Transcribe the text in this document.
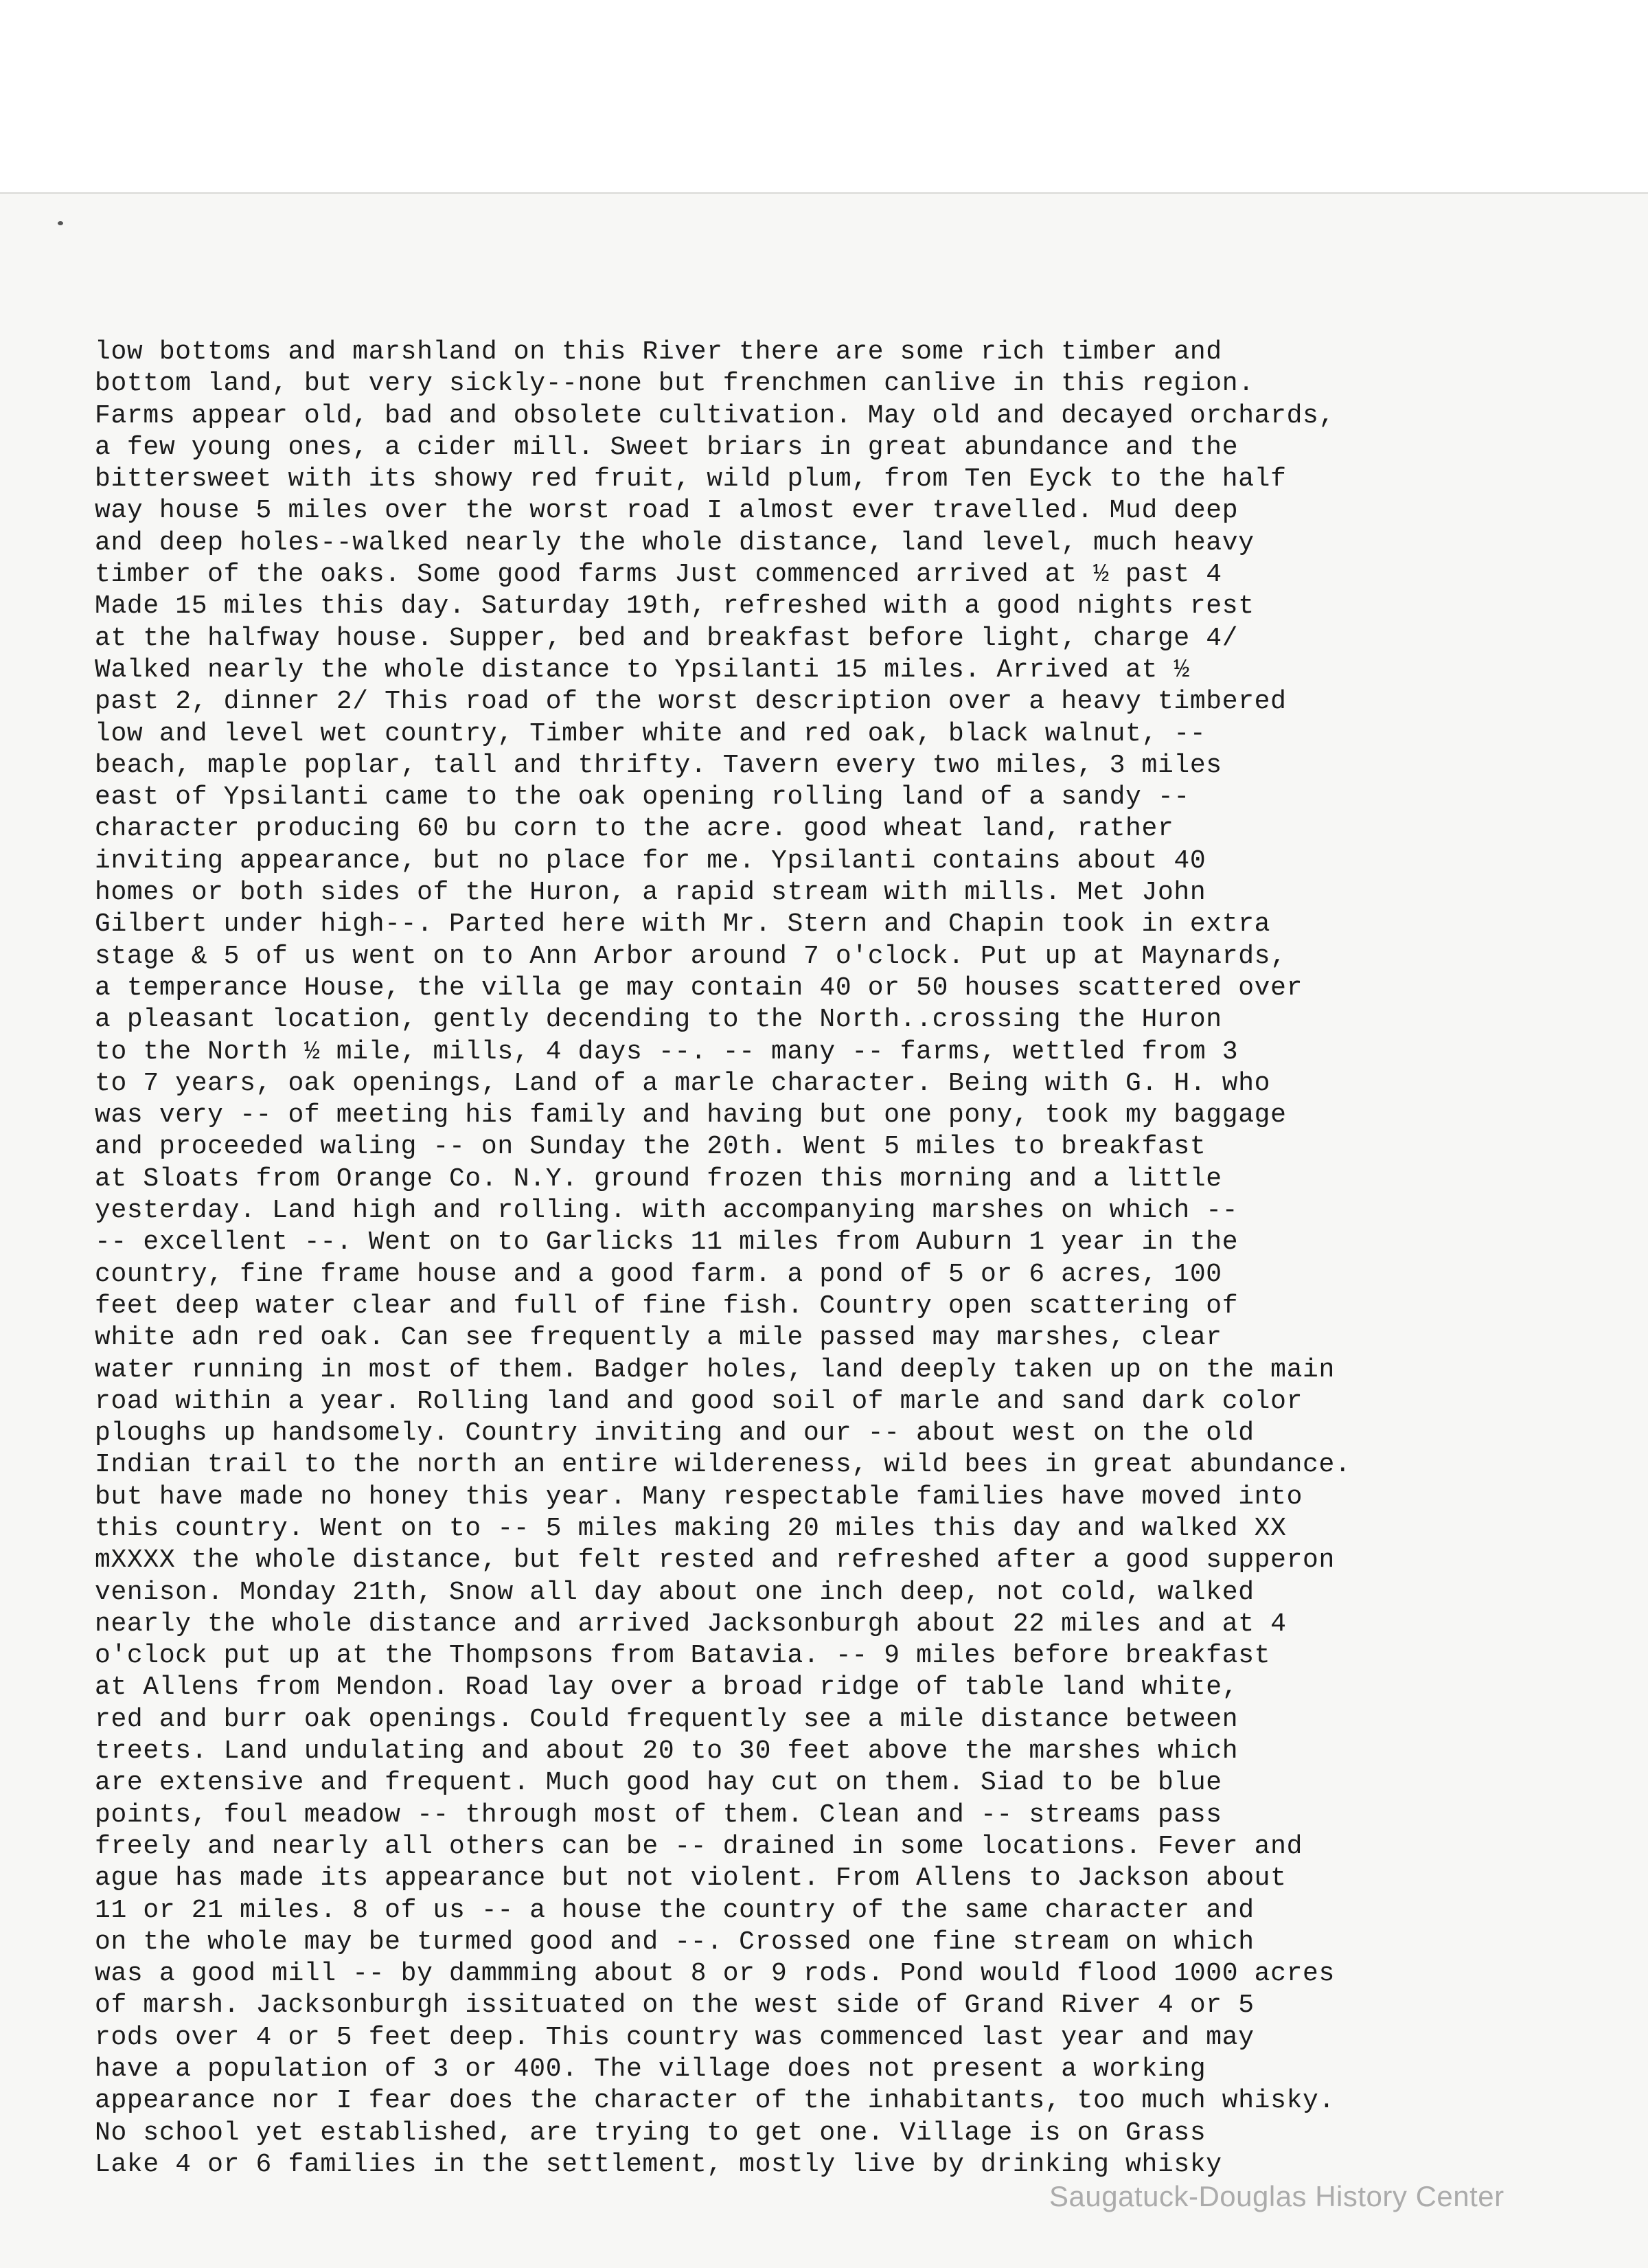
low bottoms and marshland on this River there are some rich timber and
bottom land, but very sickly--none but frenchmen canlive in this region.
Farms appear old, bad and obsolete cultivation. May old and decayed orchards,
a few young ones, a cider mill. Sweet briars in great abundance and the
bittersweet with its showy red fruit, wild plum, from Ten Eyck to the half
way house 5 miles over the worst road I almost ever travelled. Mud deep
and deep holes--walked nearly the whole distance, land level, much heavy
timber of the oaks. Some good farms Just commenced arrived at ½ past 4
Made 15 miles this day. Saturday 19th, refreshed with a good nights rest
at the halfway house. Supper, bed and breakfast before light, charge 4/
Walked nearly the whole distance to Ypsilanti 15 miles. Arrived at ½
past 2, dinner 2/ This road of the worst description over a heavy timbered
low and level wet country, Timber white and red oak, black walnut, --
beach, maple poplar, tall and thrifty. Tavern every two miles, 3 miles
east of Ypsilanti came to the oak opening rolling land of a sandy --
character producing 60 bu corn to the acre. good wheat land, rather
inviting appearance, but no place for me. Ypsilanti contains about 40
homes or both sides of the Huron, a rapid stream with mills. Met John
Gilbert under high--. Parted here with Mr. Stern and Chapin took in extra
stage & 5 of us went on to Ann Arbor around 7 o'clock. Put up at Maynards,
a temperance House, the villa ge may contain 40 or 50 houses scattered over
a pleasant location, gently decending to the North..crossing the Huron
to the North ½ mile, mills, 4 days --. -- many -- farms, wettled from 3
to 7 years, oak openings, Land of a marle character. Being with G. H. who
was very -- of meeting his family and having but one pony, took my baggage
and proceeded waling -- on Sunday the 20th. Went 5 miles to breakfast
at Sloats from Orange Co. N.Y. ground frozen this morning and a little
yesterday. Land high and rolling. with accompanying marshes on which --
-- excellent --. Went on to Garlicks 11 miles from Auburn 1 year in the
country, fine frame house and a good farm. a pond of 5 or 6 acres, 100
feet deep water clear and full of fine fish. Country open scattering of
white adn red oak. Can see frequently a mile passed may marshes, clear
water running in most of them. Badger holes, land deeply taken up on the main
road within a year. Rolling land and good soil of marle and sand dark color
ploughs up handsomely. Country inviting and our -- about west on the old
Indian trail to the north an entire wildereness, wild bees in great abundance.
but have made no honey this year. Many respectable families have moved into
this country. Went on to -- 5 miles making 20 miles this day and walked XX
mXXXX the whole distance, but felt rested and refreshed after a good supperon
venison. Monday 21th, Snow all day about one inch deep, not cold, walked
nearly the whole distance and arrived Jacksonburgh about 22 miles and at 4
o'clock put up at the Thompsons from Batavia. -- 9 miles before breakfast
at Allens from Mendon. Road lay over a broad ridge of table land white,
red and burr oak openings. Could frequently see a mile distance between
treets. Land undulating and about 20 to 30 feet above the marshes which
are extensive and frequent. Much good hay cut on them. Siad to be blue
points, foul meadow -- through most of them. Clean and -- streams pass
freely and nearly all others can be -- drained in some locations. Fever and
ague has made its appearance but not violent. From Allens to Jackson about
11 or 21 miles. 8 of us -- a house the country of the same character and
on the whole may be turmed good and --. Crossed one fine stream on which
was a good mill -- by dammming about 8 or 9 rods. Pond would flood 1000 acres
of marsh. Jacksonburgh issituated on the west side of Grand River 4 or 5
rods over 4 or 5 feet deep. This country was commenced last year and may
have a population of 3 or 400. The village does not present a working
appearance nor I fear does the character of the inhabitants, too much whisky.
No school yet established, are trying to get one. Village is on Grass
Lake 4 or 6 families in the settlement, mostly live by drinking whisky
Saugatuck-Douglas History Center
